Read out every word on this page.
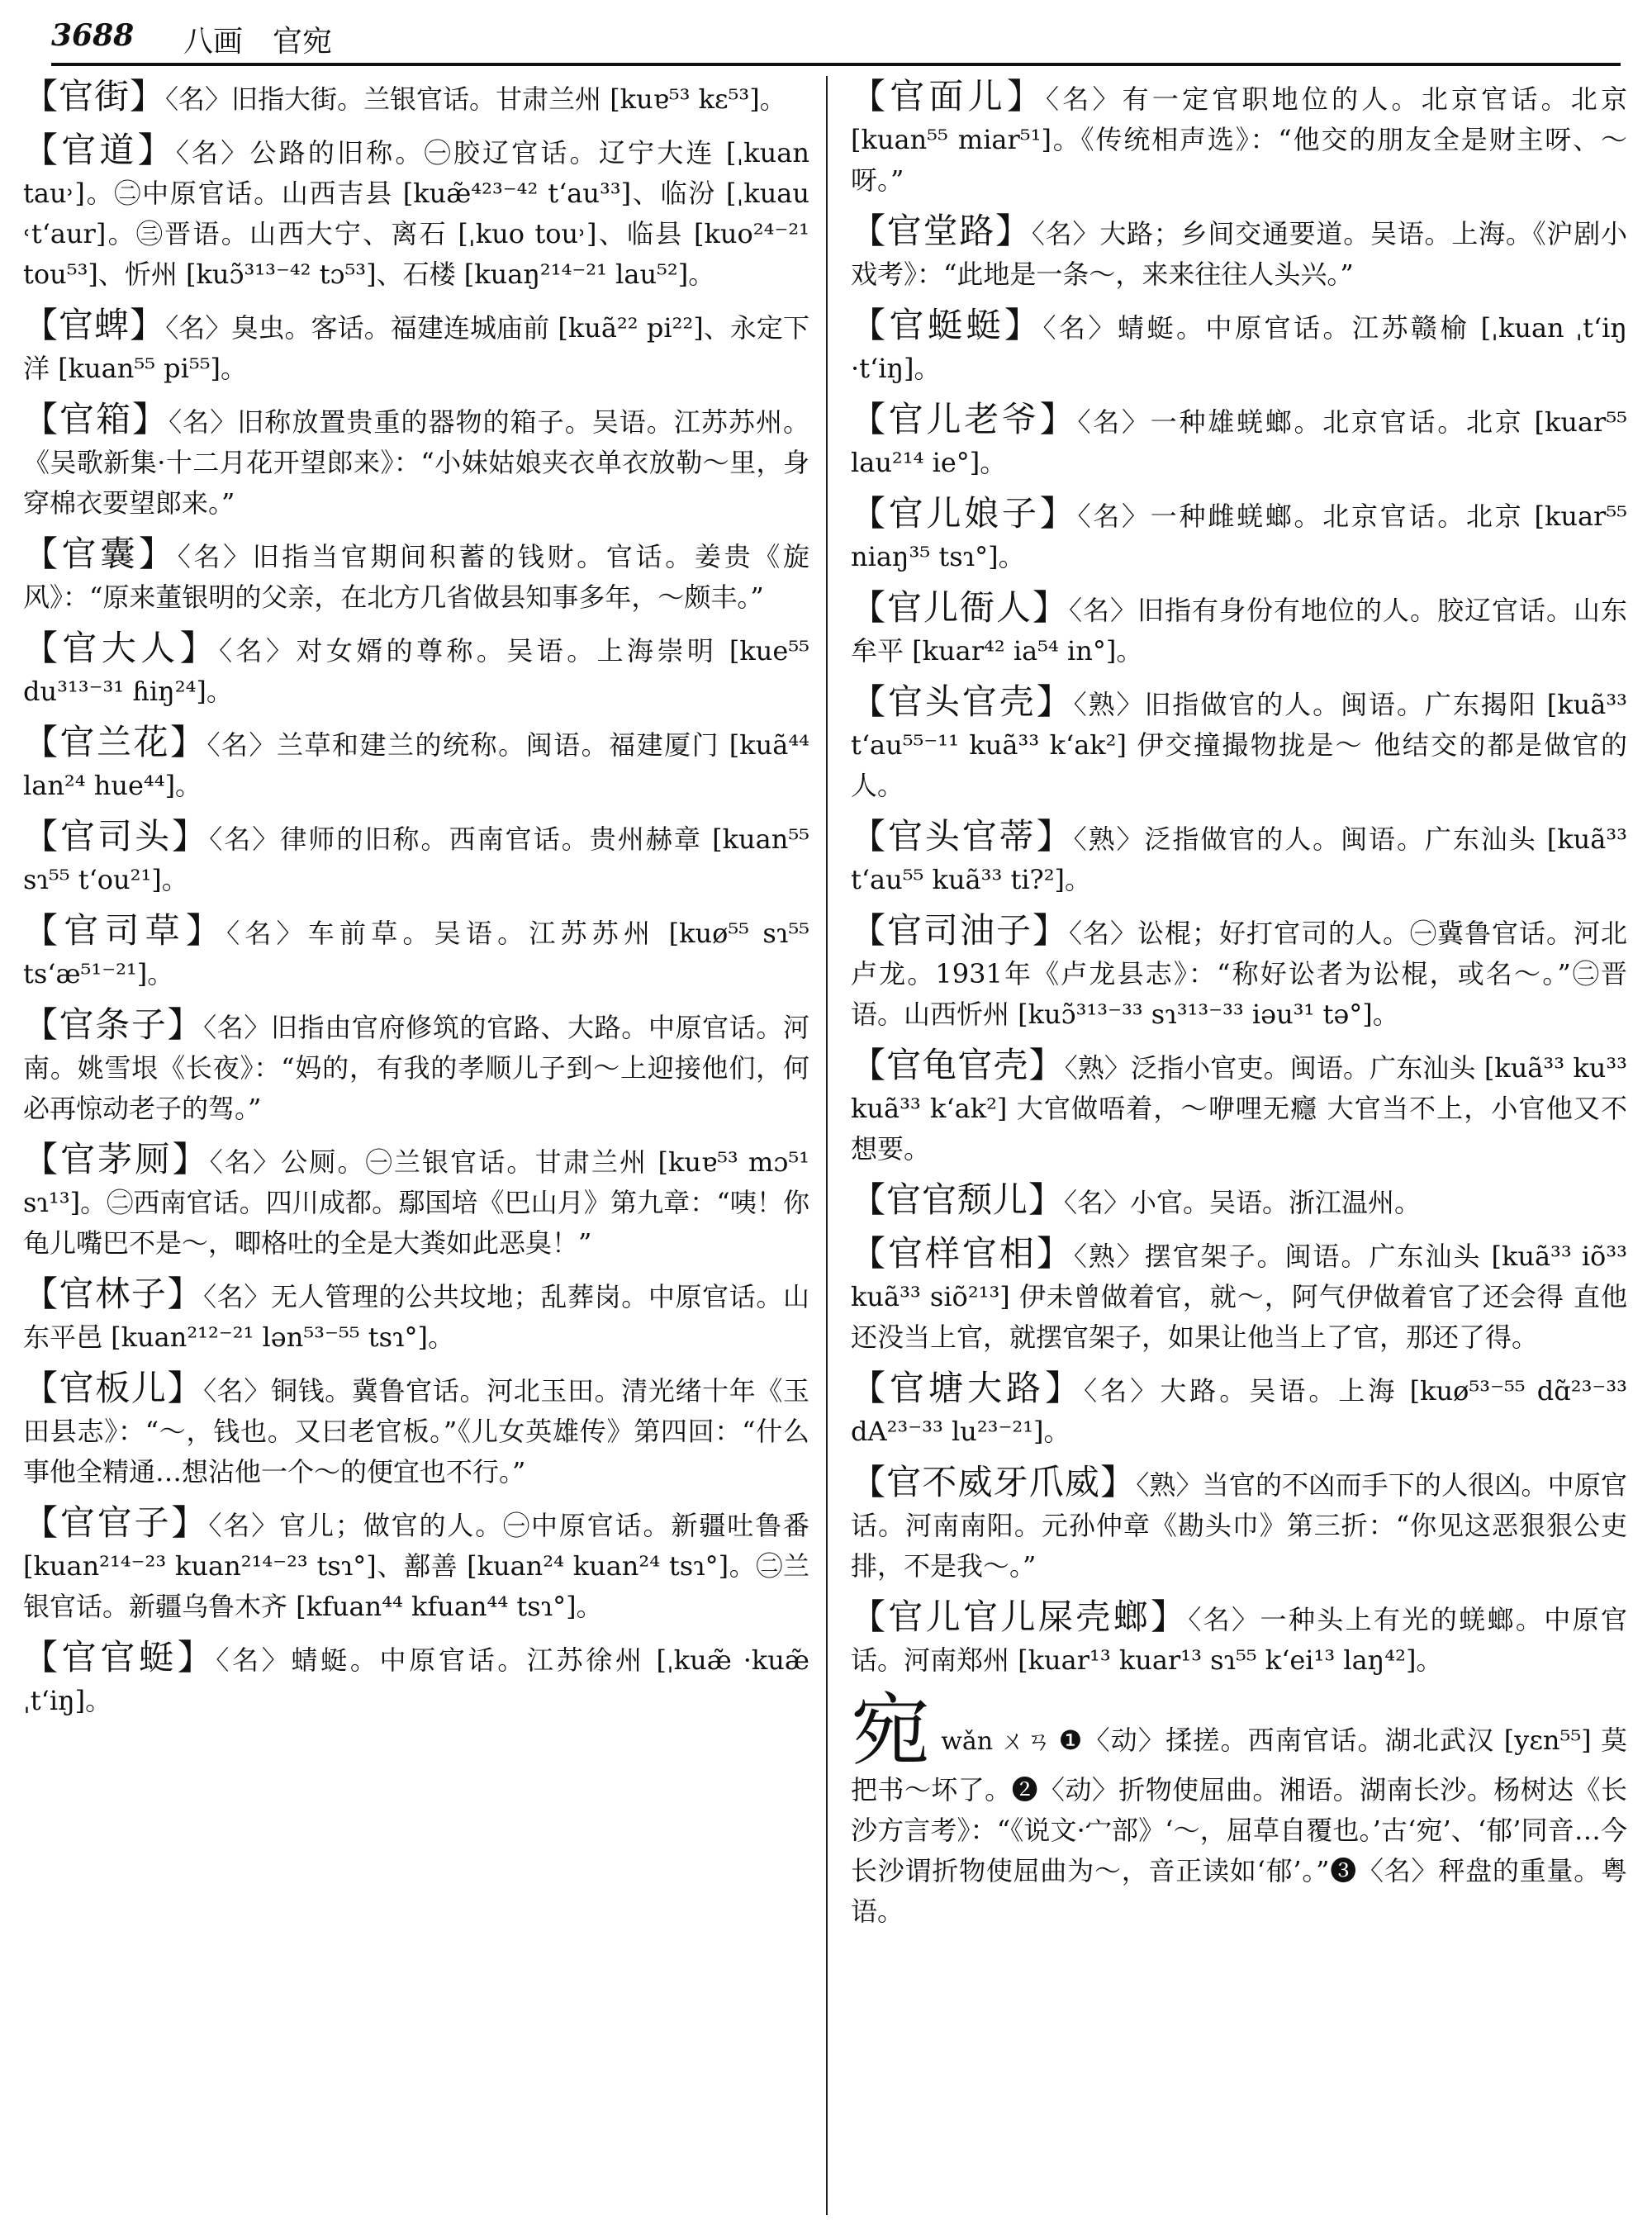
3688 八画　官宛

【官街】〈名〉旧指大街。兰银官话。甘肃兰州 [kuɐ⁵³ kɛ⁵³]。

【官道】〈名〉公路的旧称。㊀胶辽官话。辽宁大连 [ˌkuan tau˒]。㊁中原官话。山西吉县 [kuæ̃⁴²³⁻⁴² tʻau³³]、临汾 [ˌkuau ˓tʻaur]。㊂晋语。山西大宁、离石 [ˌkuo tou˒]、临县 [kuo²⁴⁻²¹ tou⁵³]、忻州 [kuɔ̃³¹³⁻⁴² tɔ⁵³]、石楼 [kuaŋ²¹⁴⁻²¹ lau⁵²]。

【官蜱】〈名〉臭虫。客话。福建连城庙前 [kuã²² pi²²]、永定下洋 [kuan⁵⁵ pi⁵⁵]。

【官箱】〈名〉旧称放置贵重的器物的箱子。吴语。江苏苏州。《吴歌新集·十二月花开望郎来》：“小妹姑娘夹衣单衣放勒～里，身穿棉衣要望郎来。”

【官囊】〈名〉旧指当官期间积蓄的钱财。官话。姜贵《旋风》：“原来董银明的父亲，在北方几省做县知事多年，～颇丰。”

【官大人】〈名〉对女婿的尊称。吴语。上海崇明 [kue⁵⁵ du³¹³⁻³¹ ɦiŋ²⁴]。

【官兰花】〈名〉兰草和建兰的统称。闽语。福建厦门 [kuã⁴⁴ lan²⁴ hue⁴⁴]。

【官司头】〈名〉律师的旧称。西南官话。贵州赫章 [kuan⁵⁵ sɿ⁵⁵ tʻou²¹]。

【官司草】〈名〉车前草。吴语。江苏苏州 [kuø⁵⁵ sɿ⁵⁵ tsʻæ⁵¹⁻²¹]。

【官条子】〈名〉旧指由官府修筑的官路、大路。中原官话。河南。姚雪垠《长夜》：“妈的，有我的孝顺儿子到～上迎接他们，何必再惊动老子的驾。”

【官茅厕】〈名〉公厕。㊀兰银官话。甘肃兰州 [kuɐ⁵³ mɔ⁵¹ sɿ¹³]。㊁西南官话。四川成都。鄢国培《巴山月》第九章：“咦！你龟儿嘴巴不是～，唧格吐的全是大粪如此恶臭！”

【官林子】〈名〉无人管理的公共坟地；乱葬岗。中原官话。山东平邑 [kuan²¹²⁻²¹ lən⁵³⁻⁵⁵ tsɿ°]。

【官板儿】〈名〉铜钱。冀鲁官话。河北玉田。清光绪十年《玉田县志》：“～，钱也。又曰老官板。”《儿女英雄传》第四回：“什么事他全精通…想沾他一个～的便宜也不行。”

【官官子】〈名〉官儿；做官的人。㊀中原官话。新疆吐鲁番 [kuan²¹⁴⁻²³ kuan²¹⁴⁻²³ tsɿ°]、鄯善 [kuan²⁴ kuan²⁴ tsɿ°]。㊁兰银官话。新疆乌鲁木齐 [kfuan⁴⁴ kfuan⁴⁴ tsɿ°]。

【官官蜓】〈名〉蜻蜓。中原官话。江苏徐州 [ˌkuæ̃ ·kuæ̃ ˌtʻiŋ]。

【官面儿】〈名〉有一定官职地位的人。北京官话。北京 [kuan⁵⁵ miar⁵¹]。《传统相声选》：“他交的朋友全是财主呀、～呀。”

【官堂路】〈名〉大路；乡间交通要道。吴语。上海。《沪剧小戏考》：“此地是一条～，来来往往人头兴。”

【官蜓蜓】〈名〉蜻蜓。中原官话。江苏赣榆 [ˌkuan ˌtʻiŋ ·tʻiŋ]。

【官儿老爷】〈名〉一种雄蜣螂。北京官话。北京 [kuar⁵⁵ lau²¹⁴ ie°]。

【官儿娘子】〈名〉一种雌蜣螂。北京官话。北京 [kuar⁵⁵ niaŋ³⁵ tsɿ°]。

【官儿衙人】〈名〉旧指有身份有地位的人。胶辽官话。山东牟平 [kuar⁴² ia⁵⁴ in°]。

【官头官壳】〈熟〉旧指做官的人。闽语。广东揭阳 [kuã³³ tʻau⁵⁵⁻¹¹ kuã³³ kʻak²] 伊交撞撮物拢是～ 他结交的都是做官的人。

【官头官蒂】〈熟〉泛指做官的人。闽语。广东汕头 [kuã³³ tʻau⁵⁵ kuã³³ ti?²]。

【官司油子】〈名〉讼棍；好打官司的人。㊀冀鲁官话。河北卢龙。1931年《卢龙县志》：“称好讼者为讼棍，或名～。”㊁晋语。山西忻州 [kuɔ̃³¹³⁻³³ sɿ³¹³⁻³³ iəu³¹ tə°]。

【官龟官壳】〈熟〉泛指小官吏。闽语。广东汕头 [kuã³³ ku³³ kuã³³ kʻak²] 大官做唔着，～咿哩无癮 大官当不上，小官他又不想要。

【官官颓儿】〈名〉小官。吴语。浙江温州。

【官样官相】〈熟〉摆官架子。闽语。广东汕头 [kuã³³ iõ³³ kuã³³ siõ²¹³] 伊未曾做着官，就～，阿气伊做着官了还会得 直他还没当上官，就摆官架子，如果让他当上了官，那还了得。

【官塘大路】〈名〉大路。吴语。上海 [kuø⁵³⁻⁵⁵ dɑ̃²³⁻³³ dA²³⁻³³ lu²³⁻²¹]。

【官不威牙爪威】〈熟〉当官的不凶而手下的人很凶。中原官话。河南南阳。元孙仲章《勘头巾》第三折：“你见这恶狠狠公吏排，不是我～。”

【官儿官儿屎壳螂】〈名〉一种头上有光的蜣螂。中原官话。河南郑州 [kuar¹³ kuar¹³ sɿ⁵⁵ kʻei¹³ laŋ⁴²]。

宛wǎn ㄨㄢ ❶〈动〉揉搓。西南官话。湖北武汉 [yɛn⁵⁵] 莫把书～坏了。❷〈动〉折物使屈曲。湘语。湖南长沙。杨树达《长沙方言考》：“《说文·宀部》‘～，屈草自覆也。’古‘宛’、‘郁’同音…今长沙谓折物使屈曲为～，音正读如‘郁’。”❸〈名〉秤盘的重量。粤语。
